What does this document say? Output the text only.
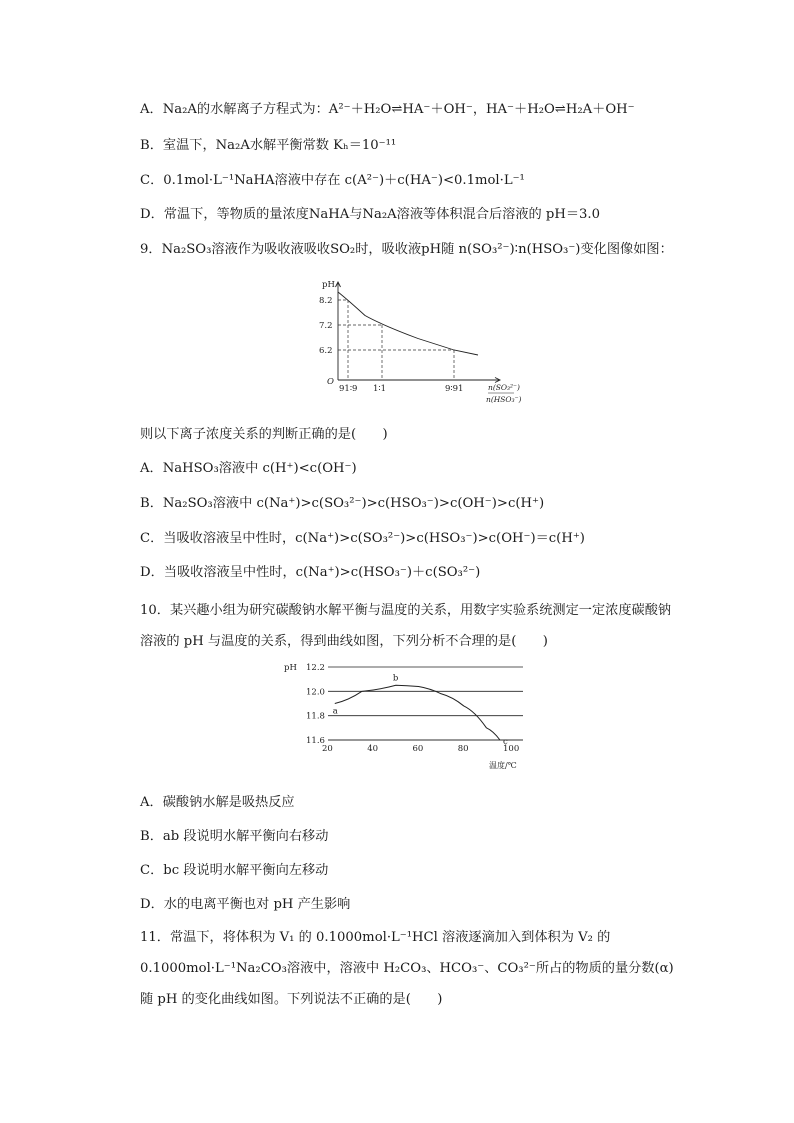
A．Na₂A的水解离子方程式为：A²⁻＋H₂O⇌HA⁻＋OH⁻，HA⁻＋H₂O⇌H₂A＋OH⁻
B．室温下，Na₂A水解平衡常数 Kₕ＝10⁻¹¹
C．0.1mol·L⁻¹NaHA溶液中存在 c(A²⁻)＋c(HA⁻)<0.1mol·L⁻¹
D．常温下，等物质的量浓度NaHA与Na₂A溶液等体积混合后溶液的 pH＝3.0
9．Na₂SO₃溶液作为吸收液吸收SO₂时，吸收液pH随 n(SO₃²⁻)∶n(HSO₃⁻)变化图像如图：
pH
O
8.2
91∶9
7.2
1∶1
6.2
9∶91	n(SO₃²⁻)
n(HSO₃⁻)
则以下离子浓度关系的判断正确的是(　　)
A．NaHSO₃溶液中 c(H⁺)<c(OH⁻)
B．Na₂SO₃溶液中 c(Na⁺)>c(SO₃²⁻)>c(HSO₃⁻)>c(OH⁻)>c(H⁺)
C．当吸收溶液呈中性时，c(Na⁺)>c(SO₃²⁻)>c(HSO₃⁻)>c(OH⁻)＝c(H⁺)
D．当吸收溶液呈中性时，c(Na⁺)>c(HSO₃⁻)＋c(SO₃²⁻)
10．某兴趣小组为研究碳酸钠水解平衡与温度的关系，用数字实验系统测定一定浓度碳酸钠溶液的 pH 与温度的关系，得到曲线如图，下列分析不合理的是(　　)
12.2
12.0
11.8
11.6
pH
20	40	60	80	100
温度/℃
a
b
c
A．碳酸钠水解是吸热反应
B．ab 段说明水解平衡向右移动
C．bc 段说明水解平衡向左移动
D．水的电离平衡也对 pH 产生影响
11．常温下，将体积为 V₁ 的 0.1000mol·L⁻¹HCl 溶液逐滴加入到体积为 V₂ 的 0.1000mol·L⁻¹Na₂CO₃溶液中，溶液中 H₂CO₃、HCO₃⁻、CO₃²⁻所占的物质的量分数(α)随 pH 的变化曲线如图。下列说法不正确的是(　　)
